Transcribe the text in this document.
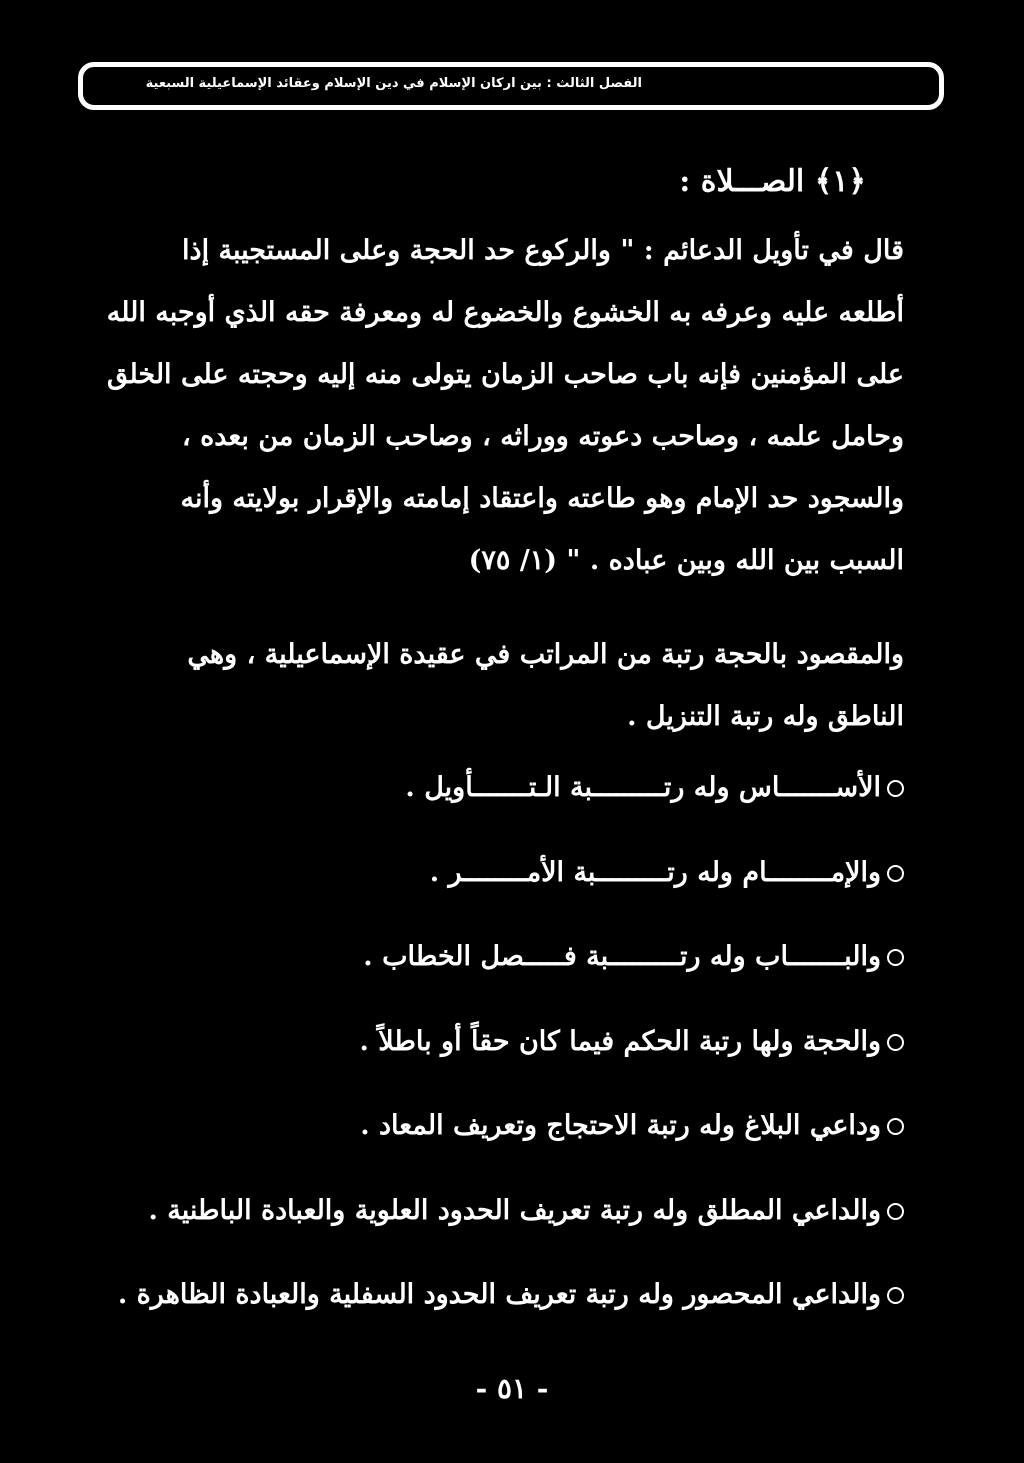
الفصل الثالث : بين اركان الإسلام في دين الإسلام وعقائد الإسماعيلية السبعية
﴿١﴾ الصـــلاة :
قال في تأويل الدعائم : " والركوع حد الحجة وعلى المستجيبة إذا
أطلعه عليه وعرفه به الخشوع والخضوع له ومعرفة حقه الذي أوجبه الله
على المؤمنين فإنه باب صاحب الزمان يتولى منه إليه وحجته على الخلق
وحامل علمه ، وصاحب دعوته ووراثه ، وصاحب الزمان من بعده ،
والسجود حد الإمام وهو طاعته واعتقاد إمامته والإقرار بولايته وأنه
السبب بين الله وبين عباده . " (١/ ٧٥)
والمقصود بالحجة رتبة من المراتب في عقيدة الإسماعيلية ، وهي
الناطق وله رتبة التنزيل .
الأســـــــاس وله رتـــــــــبة الـتـــــــأويل .
والإمــــــــام وله رتـــــــــبة الأمــــــــر .
والبـــــــاب وله رتـــــــــبة فـــــصل الخطاب .
والحجة ولها رتبة الحكم فيما كان حقاً أو باطلاً .
وداعي البلاغ وله رتبة الاحتجاج وتعريف المعاد .
والداعي المطلق وله رتبة تعريف الحدود العلوية والعبادة الباطنية .
والداعي المحصور وله رتبة تعريف الحدود السفلية والعبادة الظاهرة .
- ٥١ -
